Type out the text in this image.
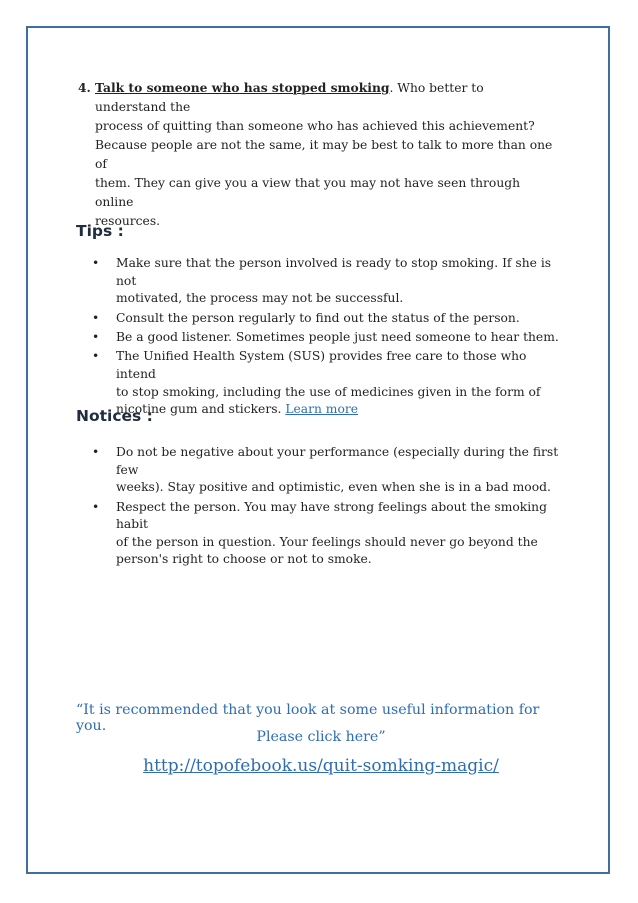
4. Talk to someone who has stopped smoking. Who better to understand the
process of quitting than someone who has achieved this achievement?
Because people are not the same, it may be best to talk to more than one of
them. They can give you a view that you may not have seen through online
resources.
Tips :
• Make sure that the person involved is ready to stop smoking. If she is not
motivated, the process may not be successful.
• Consult the person regularly to find out the status of the person.
• Be a good listener. Sometimes people just need someone to hear them.
• The Unified Health System (SUS) provides free care to those who intend
to stop smoking, including the use of medicines given in the form of
nicotine gum and stickers. Learn more
Notices :
• Do not be negative about your performance (especially during the first few
weeks). Stay positive and optimistic, even when she is in a bad mood.
• Respect the person. You may have strong feelings about the smoking habit
of the person in question. Your feelings should never go beyond the
person's right to choose or not to smoke.
“It is recommended that you look at some useful information for you.
Please click here”
http://topofebook.us/quit-somking-magic/
